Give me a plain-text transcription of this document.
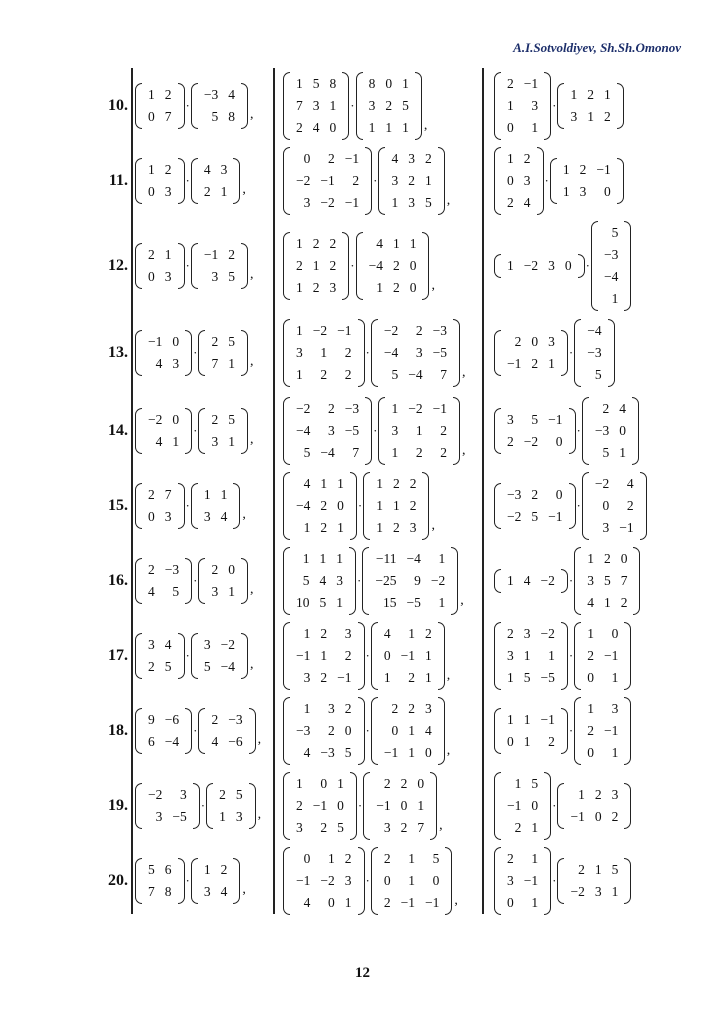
A.I.Sotvoldiyev, Sh.Sh.Omonov
10.
1	2
0	7
·
−3	4
5	8 ,
1	5	8
7	3	1
2	4	0
·
8	0	1
3	2	5
1	1	1 ,
2	−1
1	3
0	1
·
1	2	1
3	1	2
11.
1	2
0	3
·
4	3
2	1 ,
0	2	−1
−2	−1	2
3	−2	−1
·
4	3	2
3	2	1
1	3	5 ,
1	2
0	3
2	4
·
1	2	−1
1	3	0
12.
2	1
0	3
·
−1	2
3	5 ,
1	2	2
2	1	2
1	2	3
·
4	1	1
−4	2	0
1	2	0 ,
1	−2	3	0 ·
5
−3
−4
1
13.
−1	0
4	3
·
2	5
7	1 ,
1	−2	−1
3	1	2
1	2	2
·
−2	2	−3
−4	3	−5
5	−4	7 ,
2	0	3
−1	2	1
·
−4
−3
5
14.
−2	0
4	1
·
2	5
3	1 ,
−2	2	−3
−4	3	−5
5	−4	7
·
1	−2	−1
3	1	2
1	2	2 ,
3	5	−1
2	−2	0
·
2	4
−3	0
5	1
15.
2	7
0	3
·
1	1
3	4 ,
4	1	1
−4	2	0
1	2	1
·
1	2	2
1	1	2
1	2	3 ,
−3	2	0
−2	5	−1
·
−2	4
0	2
3	−1
16.
2	−3
4	5
·
2	0
3	1 ,
1	1	1
5	4	3
10	5	1
·
−11	−4	1
−25	9	−2
15	−5	1 ,
1	4	−2 ·
1	2	0
3	5	7
4	1	2
17.
3	4
2	5
·
3	−2
5	−4 ,
1	2	3
−1	1	2
3	2	−1
·
4	1	2
0	−1	1
1	2	1 ,
2	3	−2
3	1	1
1	5	−5
·
1	0
2	−1
0	1
18.
9	−6
6	−4
·
2	−3
4	−6 ,
1	3	2
−3	2	0
4	−3	5
·
2	2	3
0	1	4
−1	1	0 ,
1	1	−1
0	1	2
·
1	3
2	−1
0	1
19.
−2	3
3	−5
·
2	5
1	3 ,
1	0	1
2	−1	0
3	2	5
·
2	2	0
−1	0	1
3	2	7 ,
1	5
−1	0
2	1
·
1	2	3
−1	0	2
20.
5	6
7	8
·
1	2
3	4 ,
0	1	2
−1	−2	3
4	0	1
·
2	1	5
0	1	0
2	−1	−1 ,
2	1
3	−1
0	1
·
2	1	5
−2	3	1
12
